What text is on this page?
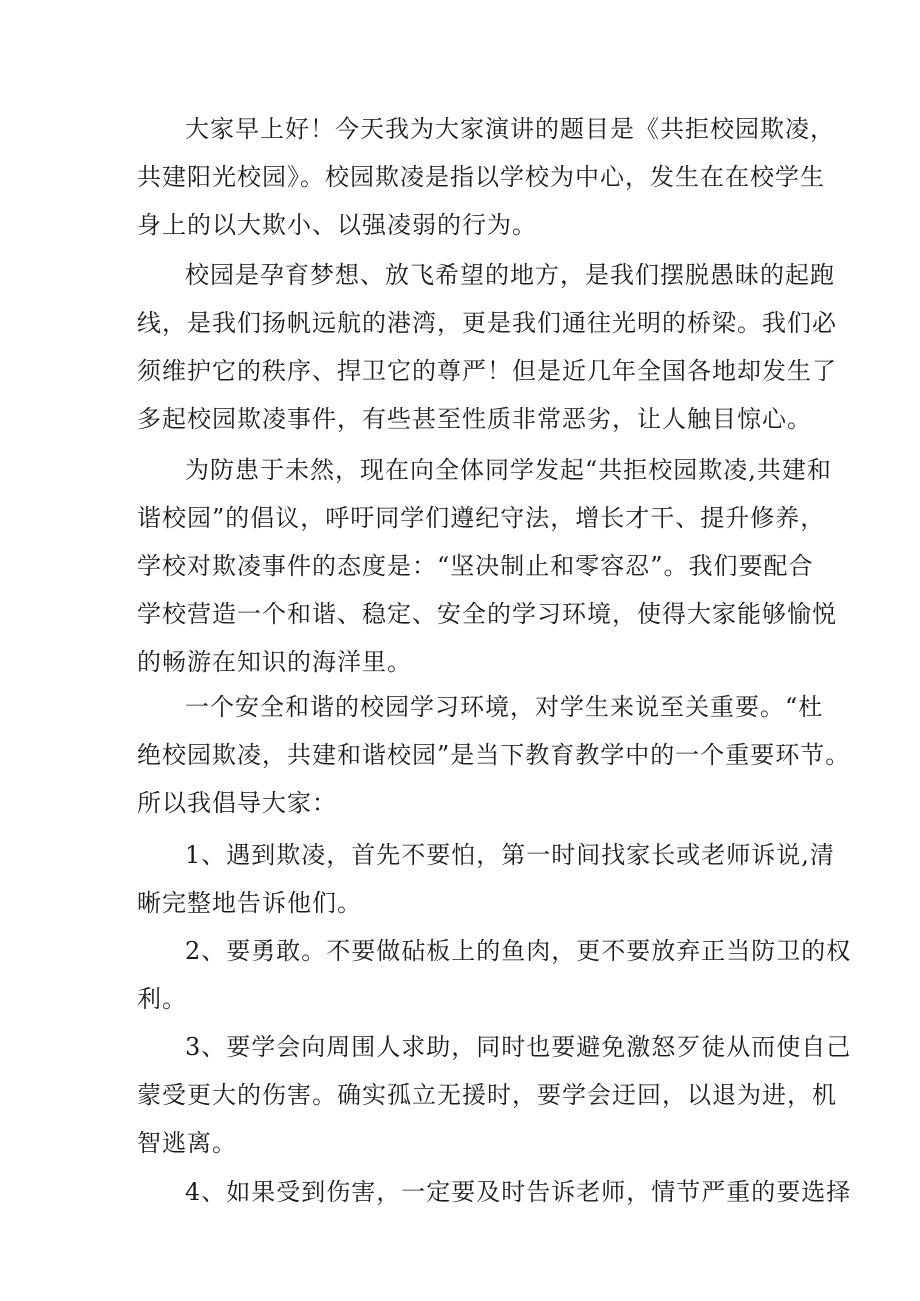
大家早上好！今天我为大家演讲的题目是《共拒校园欺凌，
共建阳光校园》。校园欺凌是指以学校为中心，发生在在校学生
身上的以大欺小、以强凌弱的行为。
校园是孕育梦想、放飞希望的地方，是我们摆脱愚昧的起跑
线，是我们扬帆远航的港湾，更是我们通往光明的桥梁。我们必
须维护它的秩序、捍卫它的尊严！但是近几年全国各地却发生了
多起校园欺凌事件，有些甚至性质非常恶劣，让人触目惊心。
为防患于未然，现在向全体同学发起“共拒校园欺凌,共建和
谐校园”的倡议，呼吁同学们遵纪守法，增长才干、提升修养，
学校对欺凌事件的态度是：“坚决制止和零容忍”。我们要配合
学校营造一个和谐、稳定、安全的学习环境，使得大家能够愉悦
的畅游在知识的海洋里。
一个安全和谐的校园学习环境，对学生来说至关重要。“杜
绝校园欺凌，共建和谐校园”是当下教育教学中的一个重要环节。
所以我倡导大家：
1、遇到欺凌，首先不要怕，第一时间找家长或老师诉说,清
晰完整地告诉他们。
2、要勇敢。不要做砧板上的鱼肉，更不要放弃正当防卫的权
利。
3、要学会向周围人求助，同时也要避免激怒歹徒从而使自己
蒙受更大的伤害。确实孤立无援时，要学会迂回，以退为进，机
智逃离。
4、如果受到伤害，一定要及时告诉老师，情节严重的要选择
